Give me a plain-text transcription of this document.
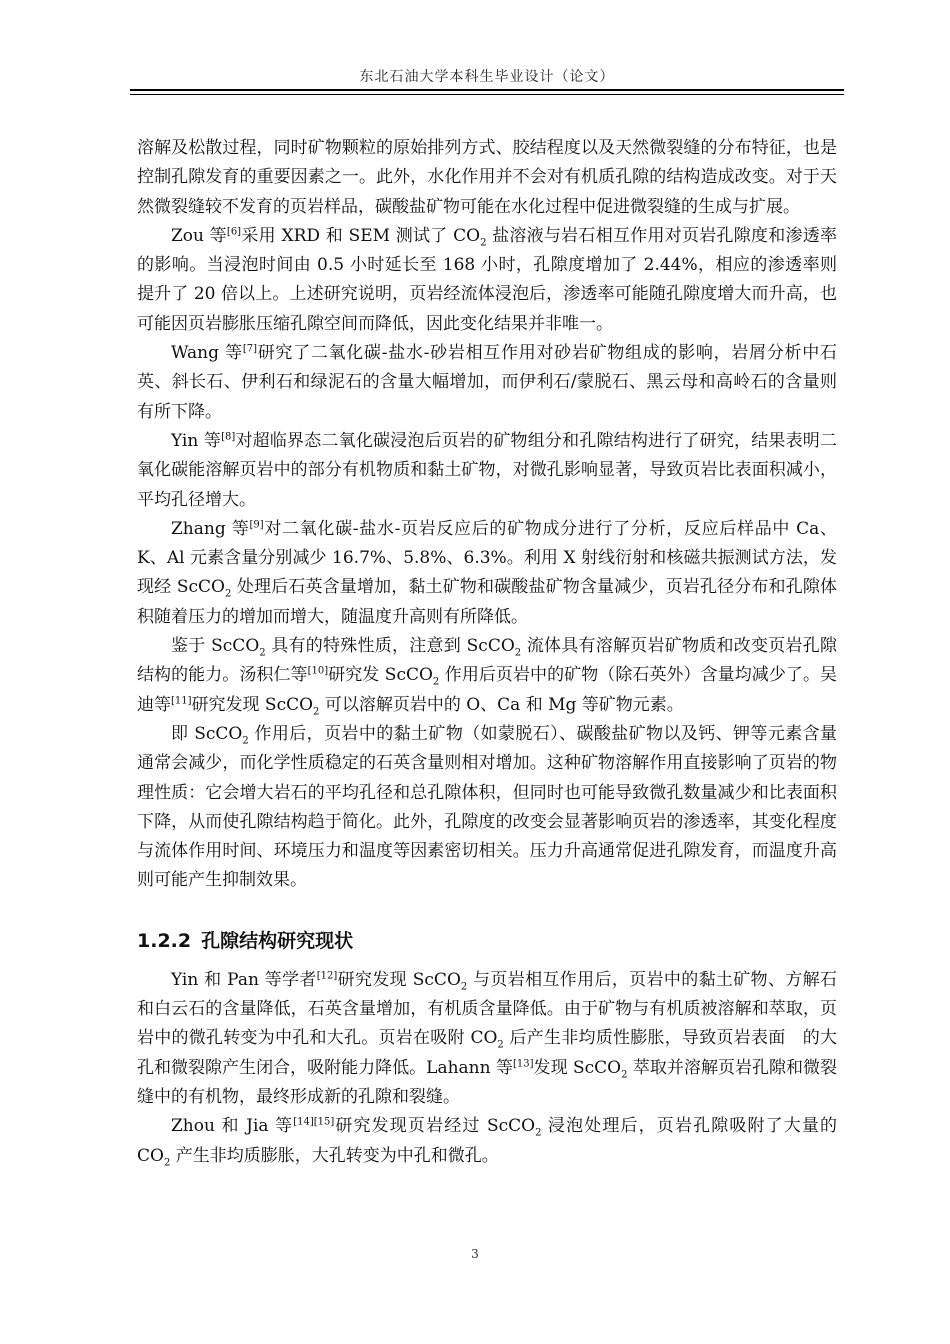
东北石油大学本科生毕业设计（论文）

溶解及松散过程，同时矿物颗粒的原始排列方式、胶结程度以及天然微裂缝的分布特征，也是控制孔隙发育的重要因素之一。此外，水化作用并不会对有机质孔隙的结构造成改变。对于天然微裂缝较不发育的页岩样品，碳酸盐矿物可能在水化过程中促进微裂缝的生成与扩展。

Zou 等[6]采用 XRD 和 SEM 测试了 $CO_2$ 盐溶液与岩石相互作用对页岩孔隙度和渗透率的影响。当浸泡时间由 0.5 小时延长至 168 小时，孔隙度增加了 2.44%，相应的渗透率则提升了 20 倍以上。上述研究说明，页岩经流体浸泡后，渗透率可能随孔隙度增大而升高，也可能因页岩膨胀压缩孔隙空间而降低，因此变化结果并非唯一。

Wang 等[7]研究了二氧化碳-盐水-砂岩相互作用对砂岩矿物组成的影响，岩屑分析中石英、斜长石、伊利石和绿泥石的含量大幅增加，而伊利石/蒙脱石、黑云母和高岭石的含量则有所下降。

Yin 等[8]对超临界态二氧化碳浸泡后页岩的矿物组分和孔隙结构进行了研究，结果表明二氧化碳能溶解页岩中的部分有机物质和黏土矿物，对微孔影响显著，导致页岩比表面积减小，平均孔径增大。

Zhang 等[9]对二氧化碳-盐水-页岩反应后的矿物成分进行了分析，反应后样品中 Ca、K、Al 元素含量分别减少 16.7%、5.8%、6.3%。利用 X 射线衍射和核磁共振测试方法，发现经 ScCO$_2$ 处理后石英含量增加，黏土矿物和碳酸盐矿物含量减少，页岩孔径分布和孔隙体积随着压力的增加而增大，随温度升高则有所降低。

鉴于 ScCO$_2$ 具有的特殊性质，注意到 ScCO$_2$ 流体具有溶解页岩矿物质和改变页岩孔隙结构的能力。汤积仁等[10]研究发 ScCO$_2$ 作用后页岩中的矿物（除石英外）含量均减少了。吴迪等[11]研究发现 ScCO$_2$ 可以溶解页岩中的 O、Ca 和 Mg 等矿物元素。

即 ScCO$_2$ 作用后，页岩中的黏土矿物（如蒙脱石）、碳酸盐矿物以及钙、钾等元素含量通常会减少，而化学性质稳定的石英含量则相对增加。这种矿物溶解作用直接影响了页岩的物理性质：它会增大岩石的平均孔径和总孔隙体积，但同时也可能导致微孔数量减少和比表面积下降，从而使孔隙结构趋于简化。此外，孔隙度的改变会显著影响页岩的渗透率，其变化程度与流体作用时间、环境压力和温度等因素密切相关。压力升高通常促进孔隙发育，而温度升高则可能产生抑制效果。

1.2.2 孔隙结构研究现状

Yin 和 Pan 等学者[12]研究发现 ScCO$_2$ 与页岩相互作用后，页岩中的黏土矿物、方解石和白云石的含量降低，石英含量增加，有机质含量降低。由于矿物与有机质被溶解和萃取，页岩中的微孔转变为中孔和大孔。页岩在吸附 $CO_2$ 后产生非均质性膨胀，导致页岩表面　的大孔和微裂隙产生闭合，吸附能力降低。Lahann 等[13]发现 ScCO$_2$ 萃取并溶解页岩孔隙和微裂缝中的有机物，最终形成新的孔隙和裂缝。

Zhou 和 Jia 等[14][15]研究发现页岩经过 ScCO$_2$ 浸泡处理后，页岩孔隙吸附了大量的 $CO_2$ 产生非均质膨胀，大孔转变为中孔和微孔。

3
